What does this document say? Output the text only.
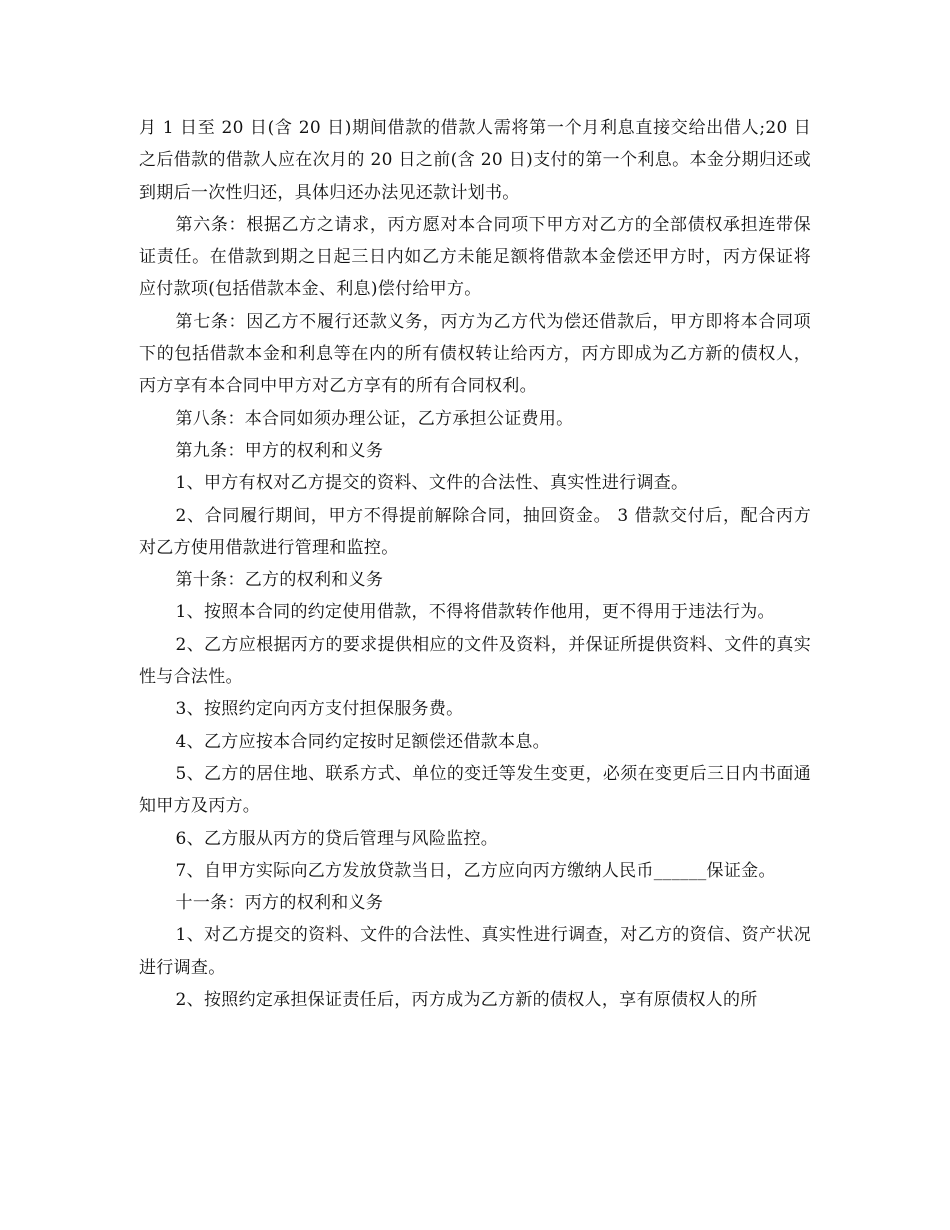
月 1 日至 20 日(含 20 日)期间借款的借款人需将第一个月利息直接交给出借人;20 日之后借款的借款人应在次月的 20 日之前(含 20 日)支付的第一个利息。本金分期归还或到期后一次性归还，具体归还办法见还款计划书。

第六条：根据乙方之请求，丙方愿对本合同项下甲方对乙方的全部债权承担连带保证责任。在借款到期之日起三日内如乙方未能足额将借款本金偿还甲方时，丙方保证将应付款项(包括借款本金、利息)偿付给甲方。

第七条：因乙方不履行还款义务，丙方为乙方代为偿还借款后，甲方即将本合同项下的包括借款本金和利息等在内的所有债权转让给丙方，丙方即成为乙方新的债权人，丙方享有本合同中甲方对乙方享有的所有合同权利。

第八条：本合同如须办理公证，乙方承担公证费用。

第九条：甲方的权利和义务

1、甲方有权对乙方提交的资料、文件的合法性、真实性进行调查。

2、合同履行期间，甲方不得提前解除合同，抽回资金。 3 借款交付后，配合丙方对乙方使用借款进行管理和监控。

第十条：乙方的权利和义务

1、按照本合同的约定使用借款，不得将借款转作他用，更不得用于违法行为。

2、乙方应根据丙方的要求提供相应的文件及资料，并保证所提供资料、文件的真实性与合法性。

3、按照约定向丙方支付担保服务费。

4、乙方应按本合同约定按时足额偿还借款本息。

5、乙方的居住地、联系方式、单位的变迁等发生变更，必须在变更后三日内书面通知甲方及丙方。

6、乙方服从丙方的贷后管理与风险监控。

7、自甲方实际向乙方发放贷款当日，乙方应向丙方缴纳人民币______保证金。

十一条：丙方的权利和义务

1、对乙方提交的资料、文件的合法性、真实性进行调查，对乙方的资信、资产状况进行调查。

2、按照约定承担保证责任后，丙方成为乙方新的债权人，享有原债权人的所
